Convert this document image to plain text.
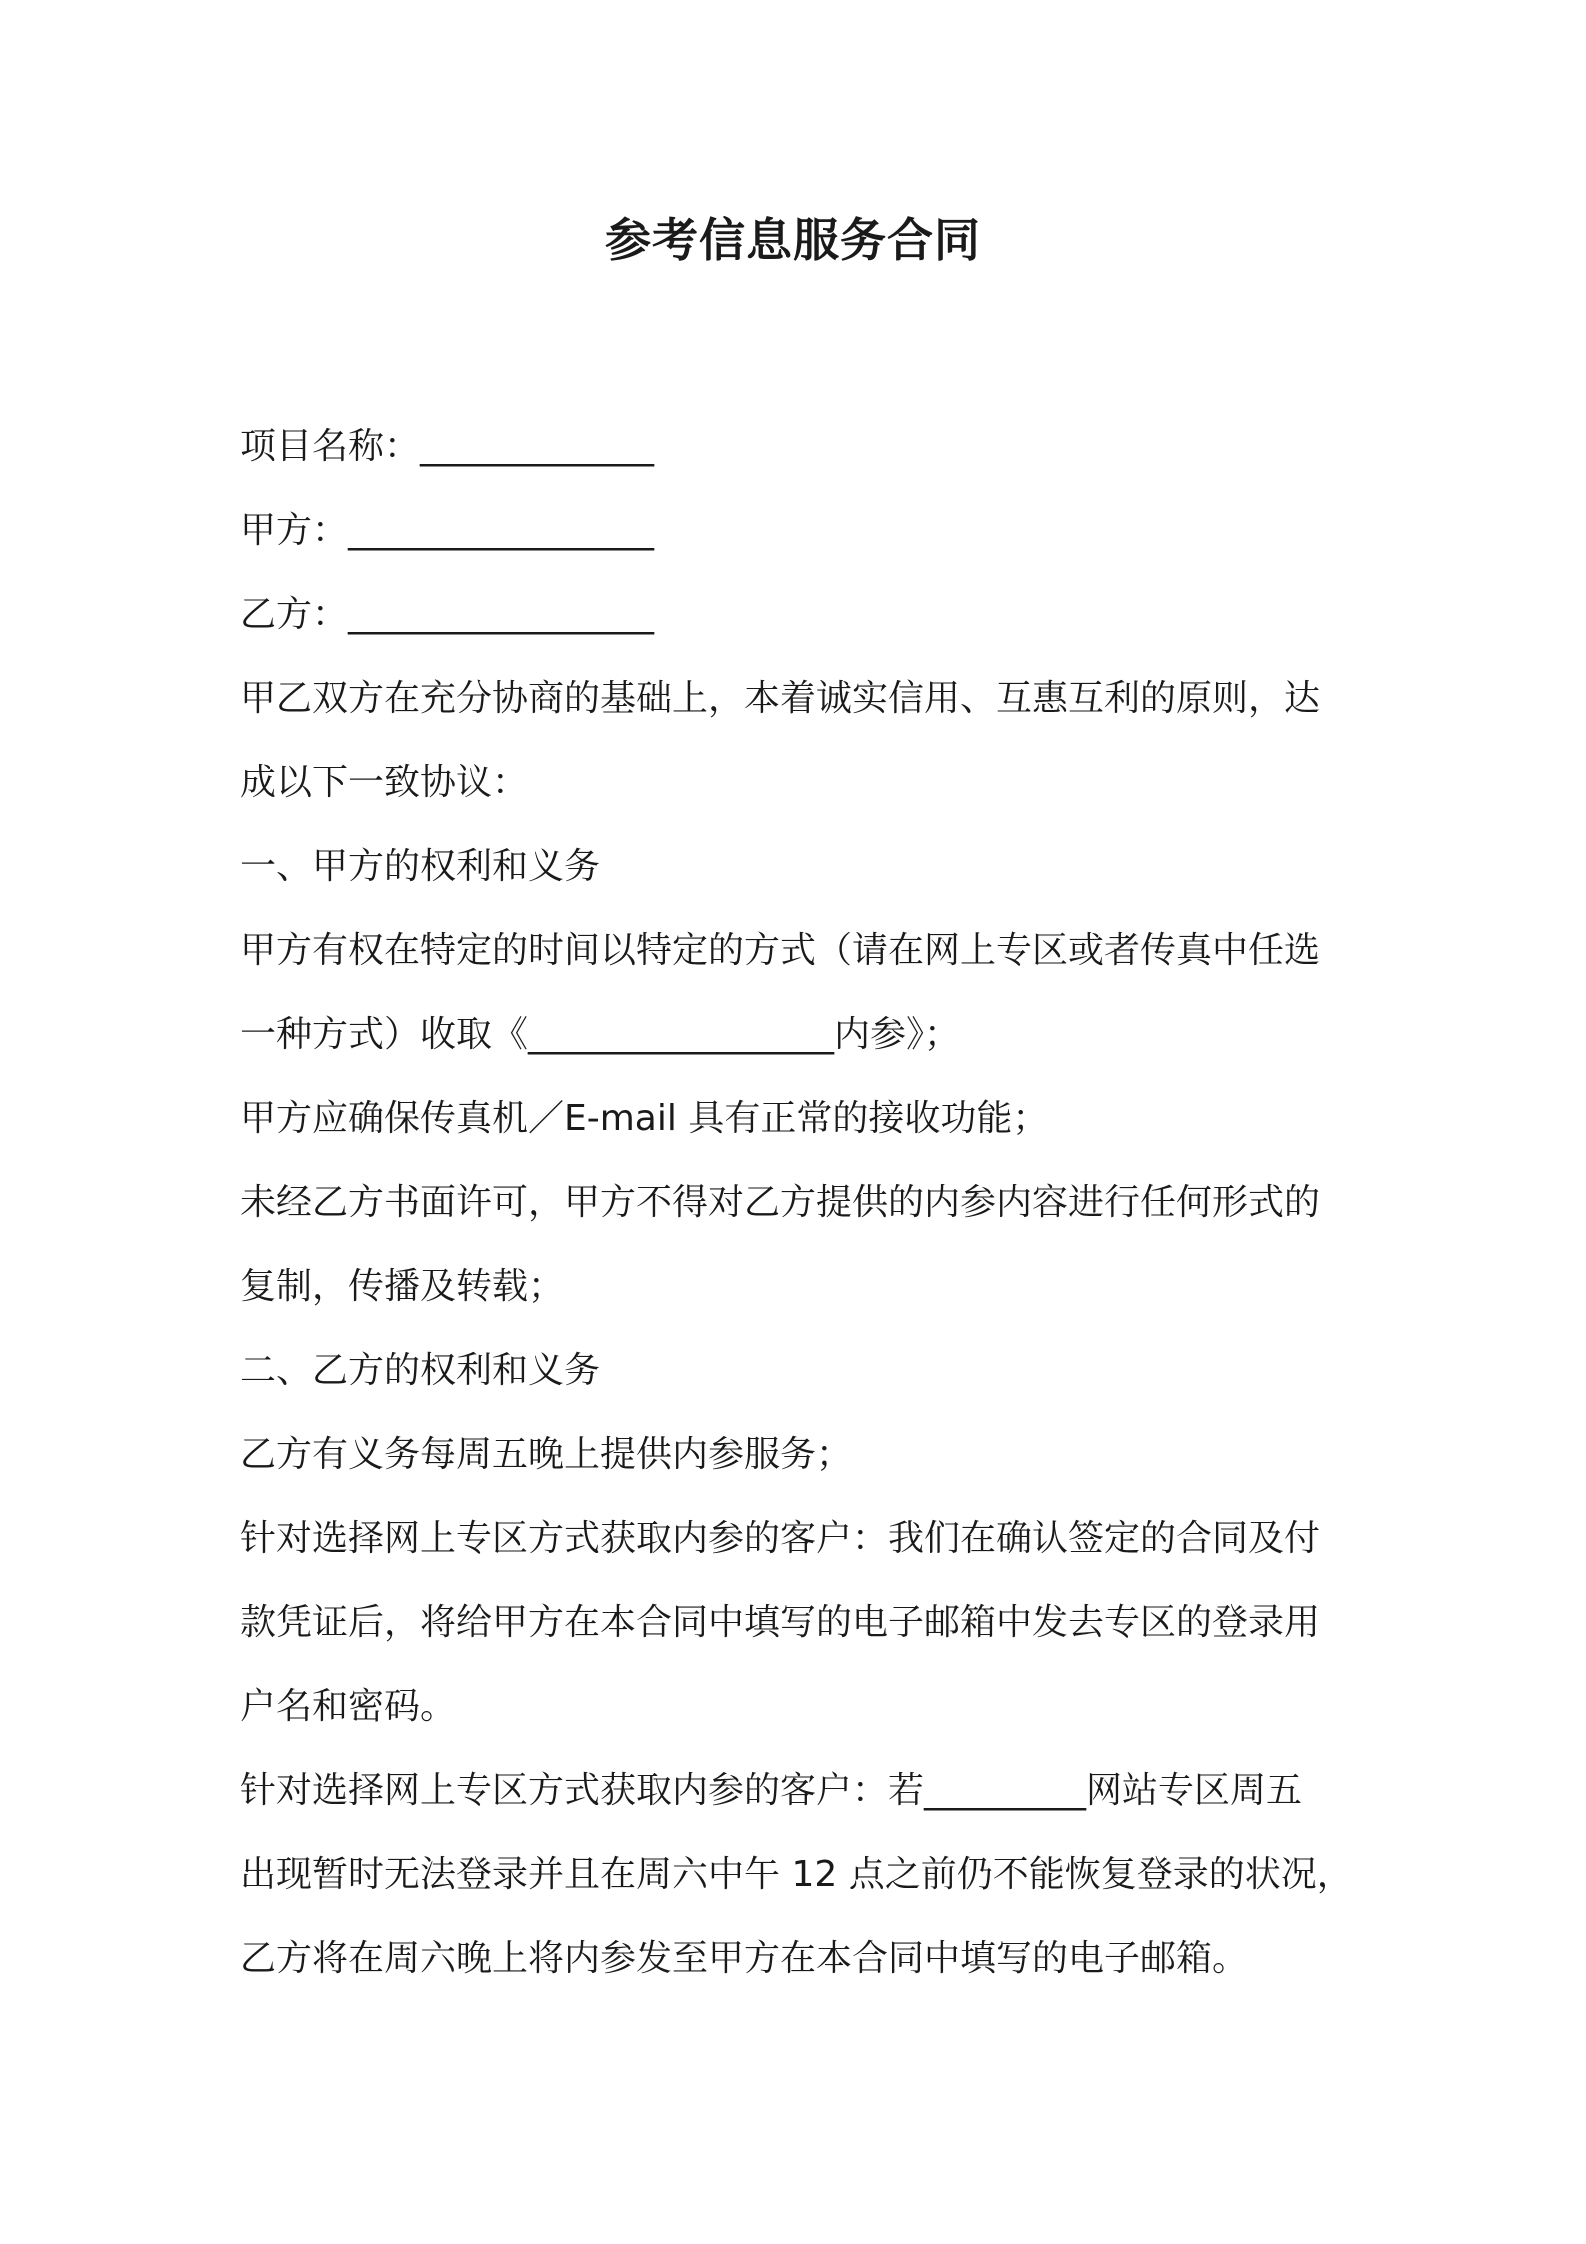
参考信息服务合同
项目名称：_____________
甲方：_________________
乙方：_________________
甲乙双方在充分协商的基础上，本着诚实信用、互惠互利的原则，达
成以下一致协议：
一、甲方的权利和义务
甲方有权在特定的时间以特定的方式（请在网上专区或者传真中任选
一种方式）收取《_________________内参》；
甲方应确保传真机／E-mail 具有正常的接收功能；
未经乙方书面许可，甲方不得对乙方提供的内参内容进行任何形式的
复制，传播及转载；
二、乙方的权利和义务
乙方有义务每周五晚上提供内参服务；
针对选择网上专区方式获取内参的客户：我们在确认签定的合同及付
款凭证后，将给甲方在本合同中填写的电子邮箱中发去专区的登录用
户名和密码。
针对选择网上专区方式获取内参的客户：若_________网站专区周五
出现暂时无法登录并且在周六中午 12 点之前仍不能恢复登录的状况，
乙方将在周六晚上将内参发至甲方在本合同中填写的电子邮箱。
